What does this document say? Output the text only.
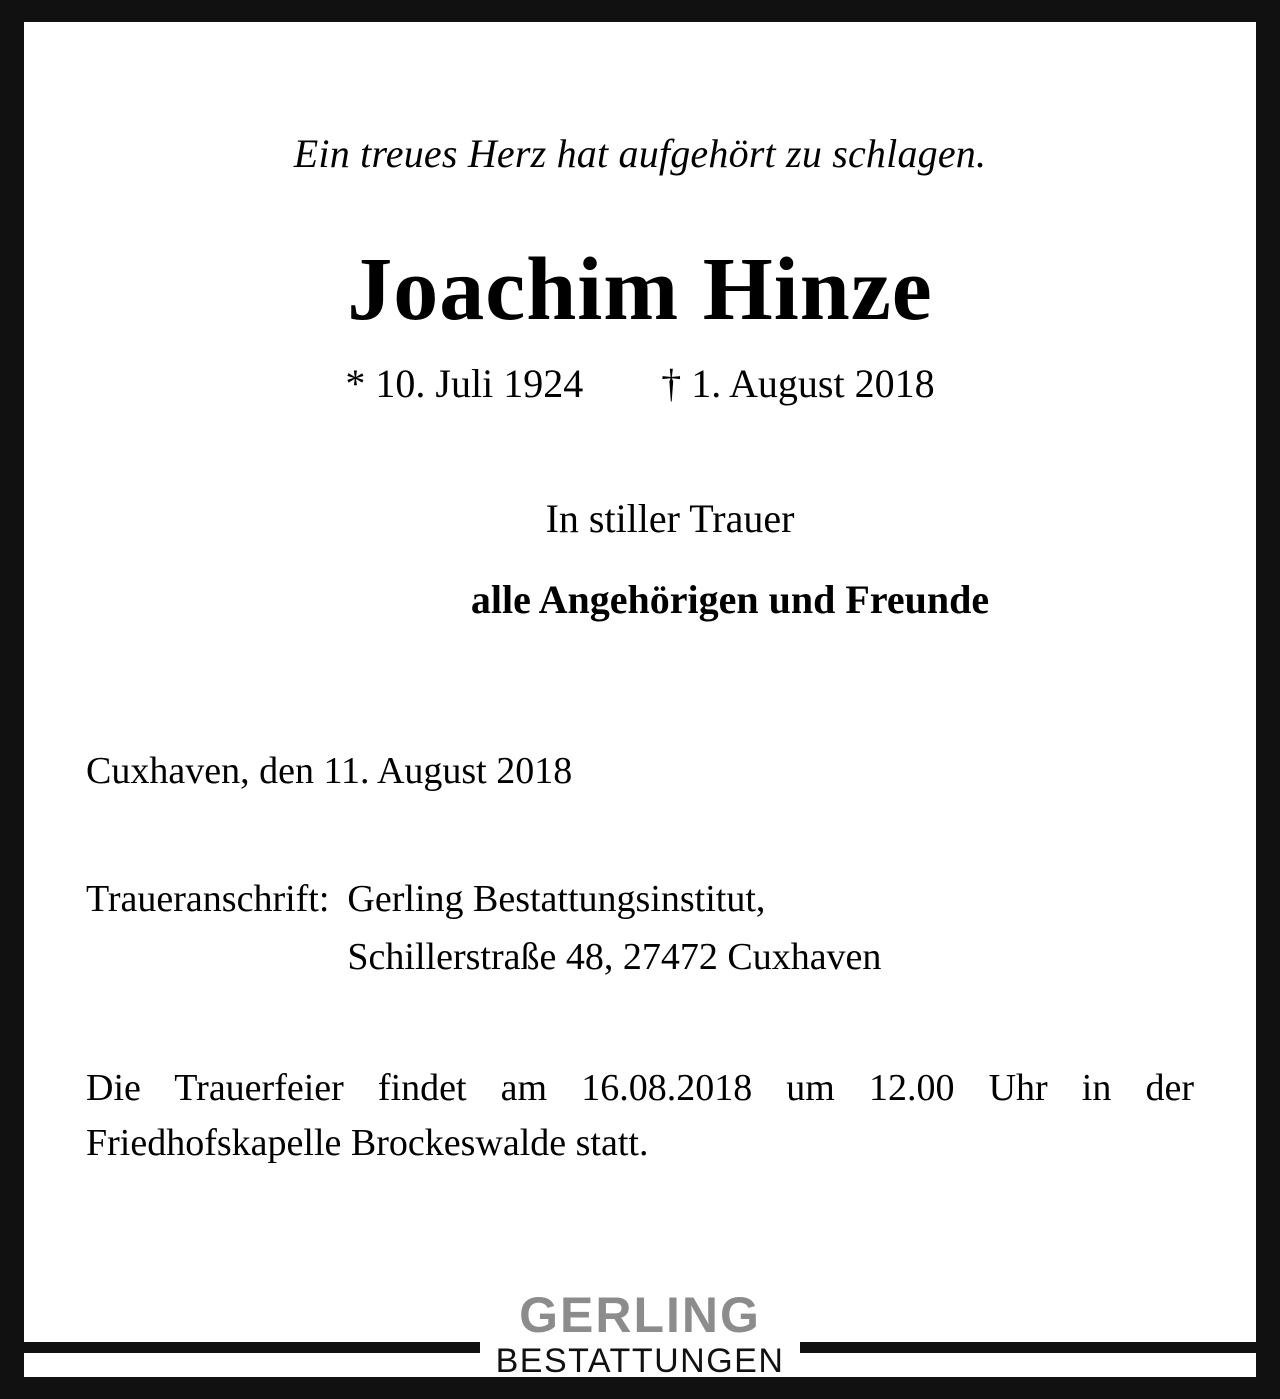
Ein treues Herz hat aufgehört zu schlagen.
Joachim Hinze
* 10. Juli 1924 † 1. August 2018
In stiller Trauer
alle Angehörigen und Freunde
Cuxhaven, den 11. August 2018
Traueranschrift: Gerling Bestattungsinstitut,
Schillerstraße 48, 27472 Cuxhaven
Die Trauerfeier findet am 16.08.2018 um 12.00 Uhr in der Friedhofskapelle Brockeswalde statt.
GERLING
BESTATTUNGEN
